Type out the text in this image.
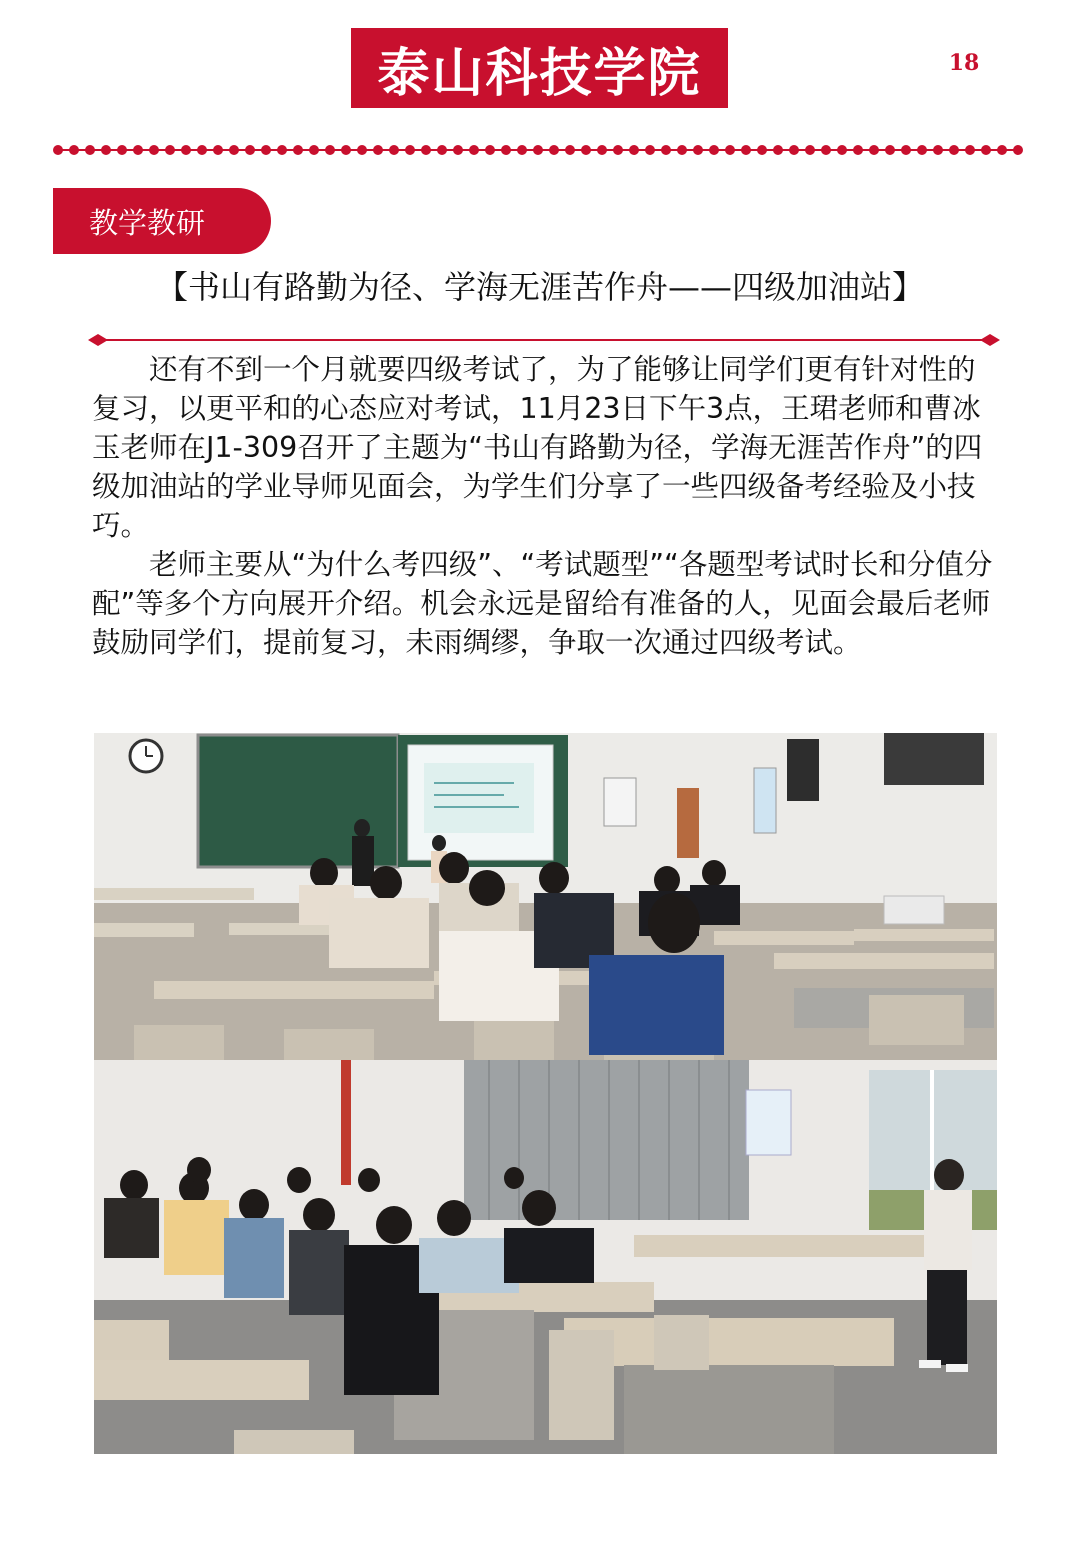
泰山科技学院	18
教学教研
【书山有路勤为径、学海无涯苦作舟——四级加油站】

还有不到一个月就要四级考试了，为了能够让同学们更有针对性的复习，以更平和的心态应对考试，11月23日下午3点，王珺老师和曹冰玉老师在J1-309召开了主题为“书山有路勤为径，学海无涯苦作舟”的四级加油站的学业导师见面会，为学生们分享了一些四级备考经验及小技巧。

老师主要从“为什么考四级”、“考试题型”“各题型考试时长和分值分配”等多个方向展开介绍。机会永远是留给有准备的人，见面会最后老师鼓励同学们，提前复习，未雨绸缪，争取一次通过四级考试。
